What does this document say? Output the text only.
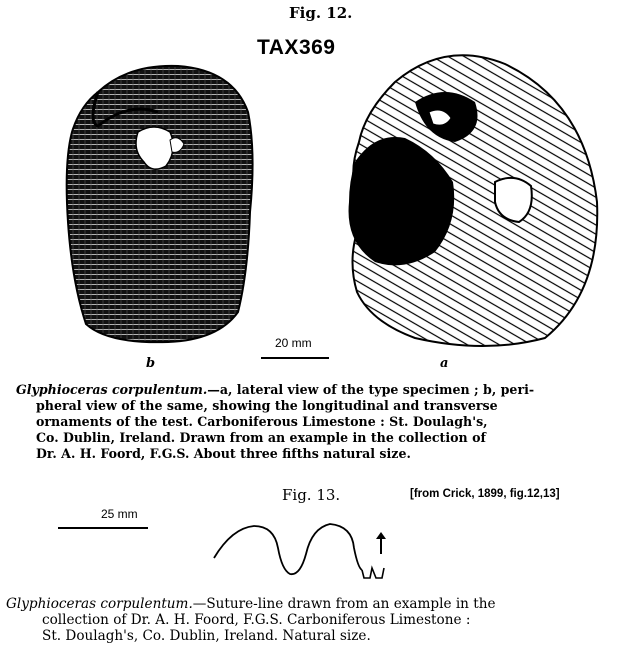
Fig. 12.
TAX369
20 mm
b	a
Glyphioceras corpulentum.—a, lateral view of the type specimen ; b, peri-
pheral view of the same, showing the longitudinal and transverse
ornaments of the test. Carboniferous Limestone : St. Doulagh's,
Co. Dublin, Ireland. Drawn from an example in the collection of
Dr. A. H. Foord, F.G.S. About three fifths natural size.
Fig. 13.	[from Crick, 1899, fig.12,13]
25 mm
Glyphioceras corpulentum.—Suture-line drawn from an example in the
collection of Dr. A. H. Foord, F.G.S. Carboniferous Limestone :
St. Doulagh's, Co. Dublin, Ireland. Natural size.
